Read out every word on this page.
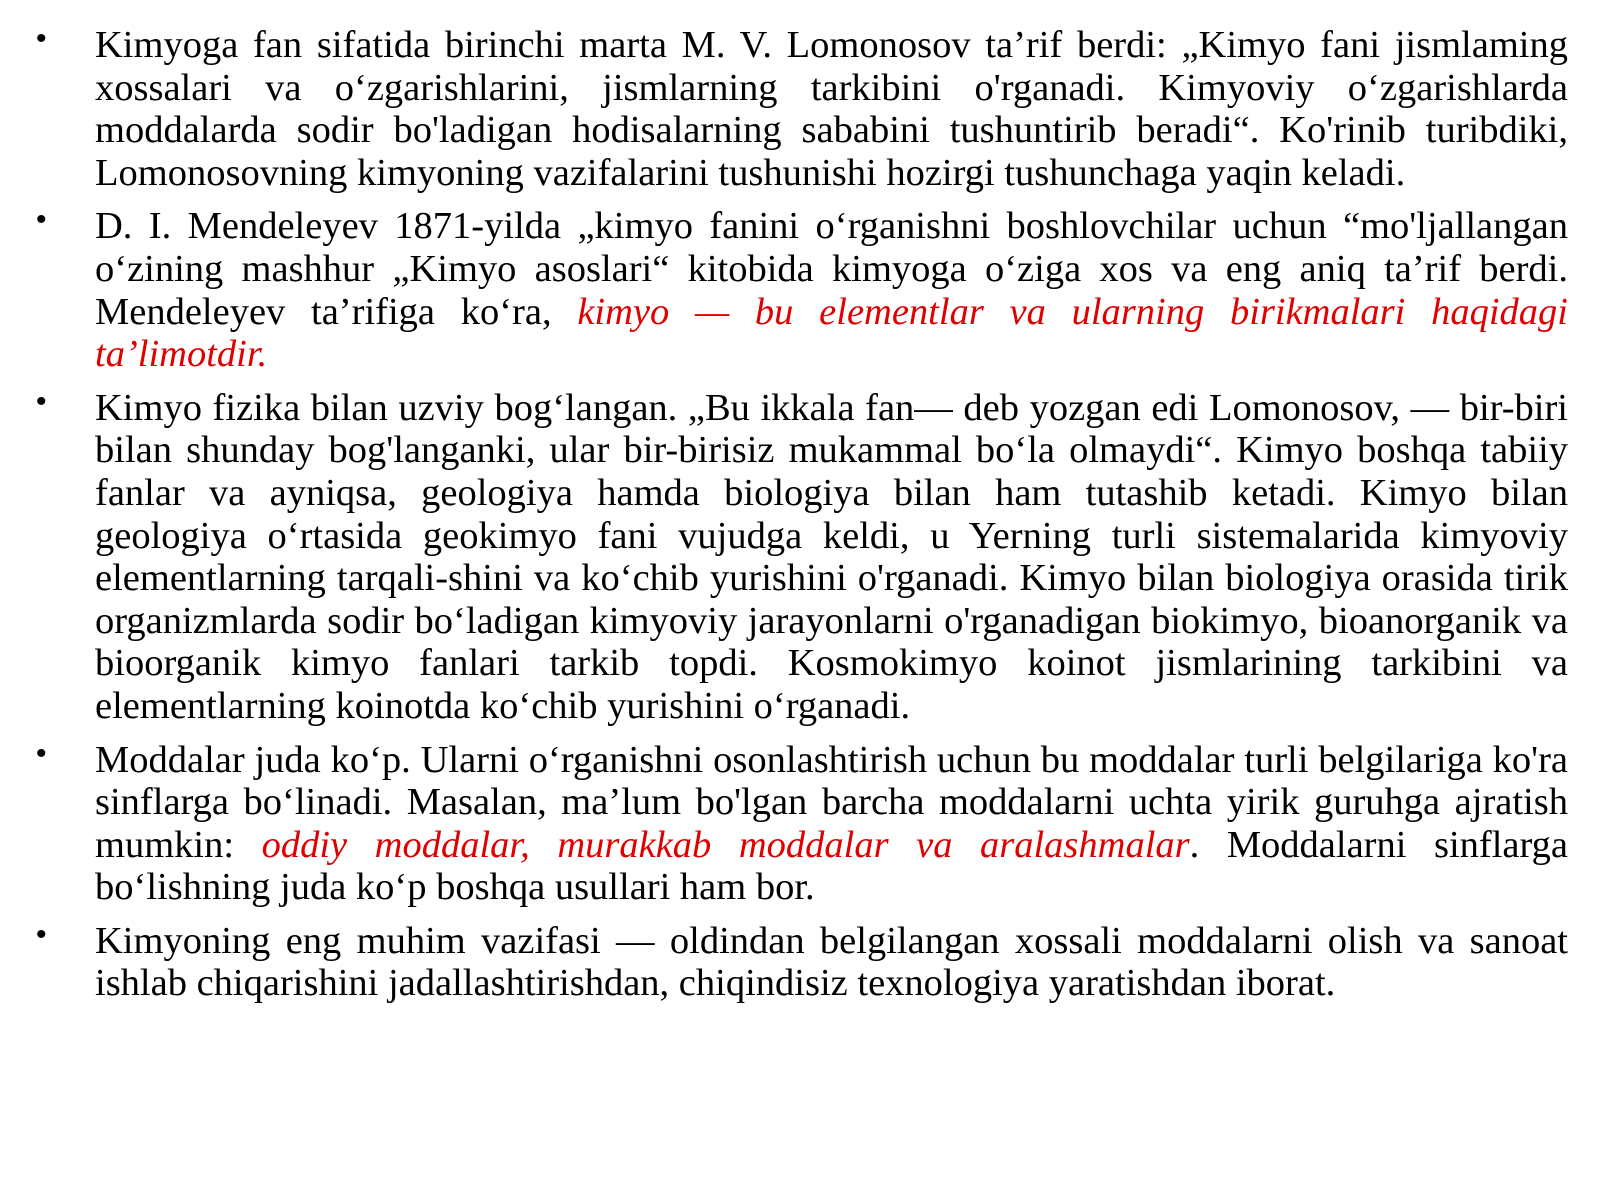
• Kimyoga fan sifatida birinchi marta M. V. Lomonosov ta’rif berdi: „Kimyo fani jismlaming xossalari va o‘zgarishlarini, jismlarning tarkibini o'rganadi. Kimyoviy o‘zgarishlarda moddalarda sodir bo'ladigan hodisalarning sababini tushuntirib beradi“. Ko'rinib turibdiki, Lomonosovning kimyoning vazifalarini tushunishi hozirgi tushunchaga yaqin keladi.
• D. I. Mendeleyev 1871-yilda „kimyo fanini o‘rganishni boshlovchilar uchun “mo'ljallangan o‘zining mashhur „Kimyo asoslari“ kitobida kimyoga o‘ziga xos va eng aniq ta’rif berdi. Mendeleyev ta’rifiga ko‘ra, kimyo — bu elementlar va ularning birikmalari haqidagi ta’limotdir.
• Kimyo fizika bilan uzviy bog‘langan. „Bu ikkala fan— deb yozgan edi Lomonosov, — bir-biri bilan shunday bog'langanki, ular bir-birisiz mukammal bo‘la olmaydi“. Kimyo boshqa tabiiy fanlar va ayniqsa, geologiya hamda biologiya bilan ham tutashib ketadi. Kimyo bilan geologiya o‘rtasida geokimyo fani vujudga keldi, u Yerning turli sistemalarida kimyoviy elementlarning tarqali-shini va ko‘chib yurishini o'rganadi. Kimyo bilan biologiya orasida tirik organizmlarda sodir bo‘ladigan kimyoviy jarayonlarni o'rganadigan biokimyo, bioanorganik va bioorganik kimyo fanlari tarkib topdi. Kosmokimyo koinot jismlarining tarkibini va elementlarning koinotda ko‘chib yurishini o‘rganadi.
• Moddalar juda ko‘p. Ularni o‘rganishni osonlashtirish uchun bu moddalar turli belgilariga ko'ra sinflarga bo‘linadi. Masalan, ma’lum bo'lgan barcha moddalarni uchta yirik guruhga ajratish mumkin: oddiy moddalar, murakkab moddalar va aralashmalar. Moddalarni sinflarga bo‘lishning juda ko‘p boshqa usullari ham bor.
• Kimyoning eng muhim vazifasi — oldindan belgilangan xossali moddalarni olish va sanoat ishlab chiqarishini jadallashtirishdan, chiqindisiz texnologiya yaratishdan iborat.
